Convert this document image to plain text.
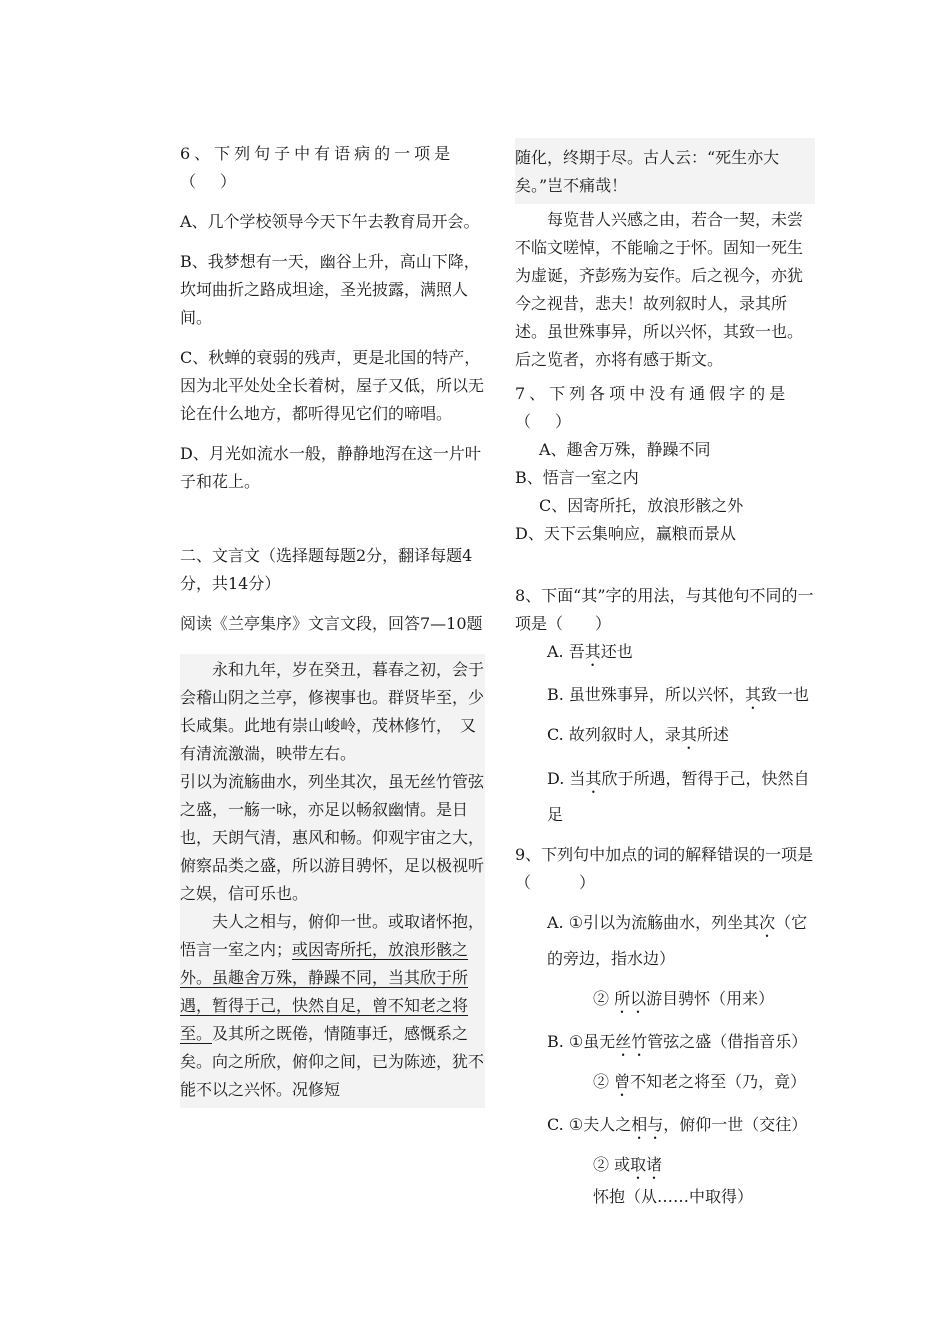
6、下列句子中有语病的一项是（　）

A、几个学校领导今天下午去教育局开会。

B、我梦想有一天，幽谷上升，高山下降，坎坷曲折之路成坦途，圣光披露，满照人间。

C、秋蝉的衰弱的残声，更是北国的特产，因为北平处处全长着树，屋子又低，所以无论在什么地方，都听得见它们的啼唱。

D、月光如流水一般，静静地泻在这一片叶子和花上。

二、文言文（选择题每题2分，翻译每题4分，共14分）

阅读《兰亭集序》文言文段，回答7—10题

永和九年，岁在癸丑，暮春之初，会于会稽山阴之兰亭，修禊事也。群贤毕至，少长咸集。此地有崇山峻岭，茂林修竹，　又有清流激湍，映带左右。

引以为流觞曲水，列坐其次，虽无丝竹管弦之盛，一觞一咏，亦足以畅叙幽情。是日也，天朗气清，惠风和畅。仰观宇宙之大，俯察品类之盛，所以游目骋怀，足以极视听之娱，信可乐也。

夫人之相与，俯仰一世。或取诸怀抱，悟言一室之内；或因寄所托，放浪形骸之外。虽趣舍万殊，静躁不同，当其欣于所遇，暂得于己，快然自足，曾不知老之将至。及其所之既倦，情随事迁，感慨系之矣。向之所欣，俯仰之间，已为陈迹，犹不能不以之兴怀。况修短

随化，终期于尽。古人云：“死生亦大矣。”岂不痛哉！

每览昔人兴感之由，若合一契，未尝不临文嗟悼，不能喻之于怀。固知一死生为虚诞，齐彭殇为妄作。后之视今，亦犹今之视昔，悲夫！故列叙时人，录其所述。虽世殊事异，所以兴怀，其致一也。后之览者，亦将有感于斯文。

7、下列各项中没有通假字的是（　）

A、趣舍万殊，静躁不同

B、悟言一室之内

C、因寄所托，放浪形骸之外

D、天下云集响应，赢粮而景从

8、下面“其”字的用法，与其他句不同的一项是（　　）

A. 吾其还也

B. 虽世殊事异，所以兴怀，其致一也

C. 故列叙时人，录其所述

D. 当其欣于所遇，暂得于己，快然自足

9、下列句中加点的词的解释错误的一项是（　　　）

A. ①引以为流觞曲水，列坐其次（它的旁边，指水边）

② 所以游目骋怀（用来）

B. ①虽无丝竹管弦之盛（借指音乐）

② 曾不知老之将至（乃，竟）

C. ①夫人之相与，俯仰一世（交往）

② 或取诸怀抱（从……中取得）
